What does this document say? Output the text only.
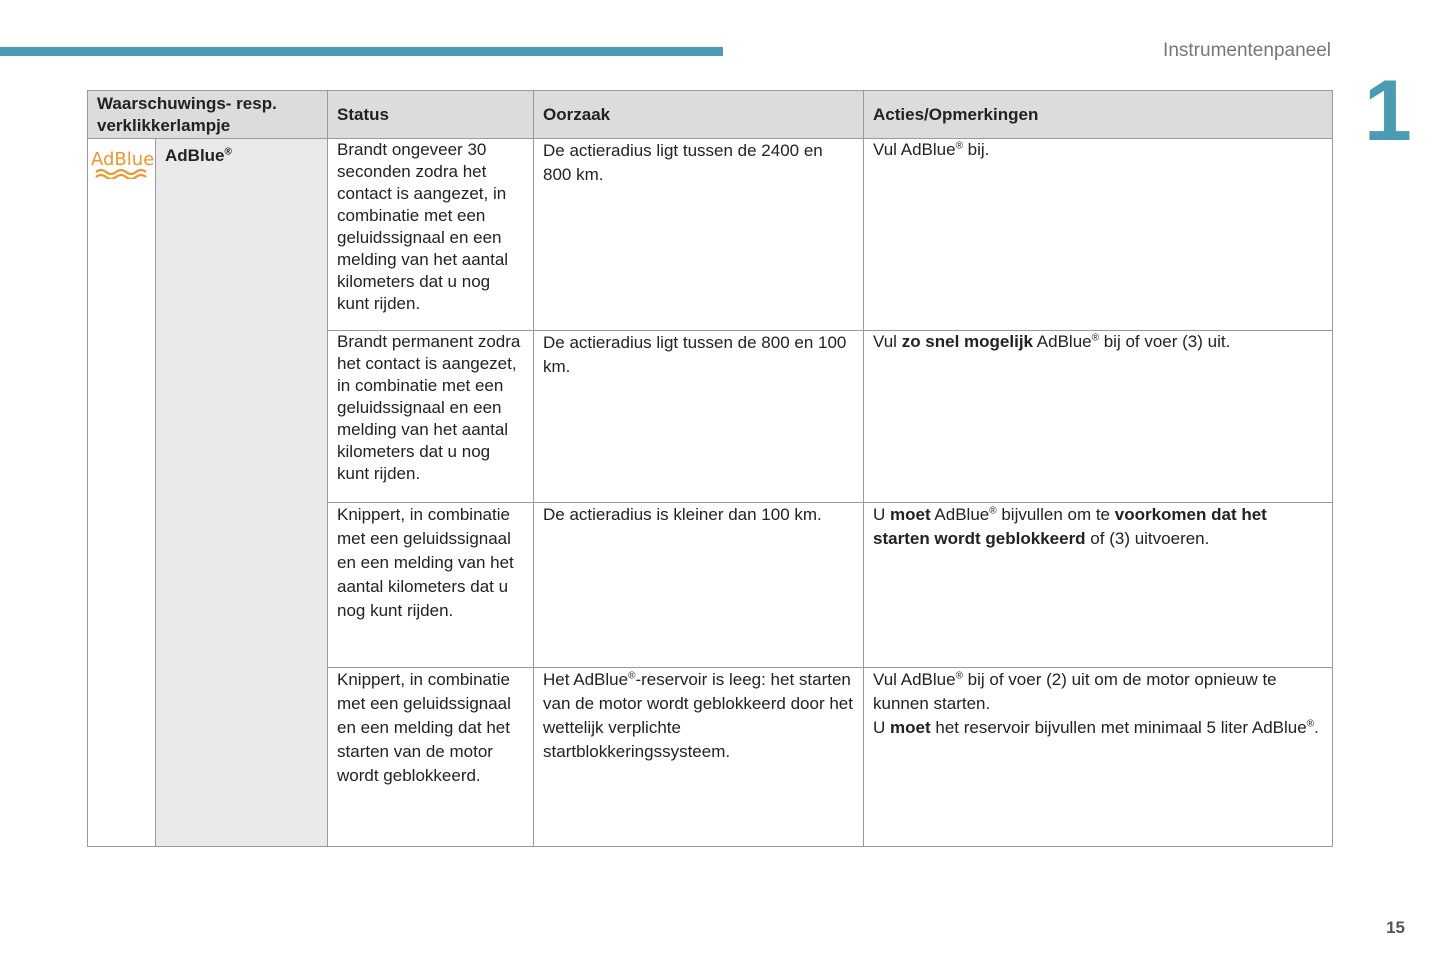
Instrumentenpaneel
1
Waarschuwings- resp. verklikkerlampje		Status	Oorzaak	Acties/Opmerkingen

AdBlue	AdBlue®	Brandt ongeveer 30 seconden zodra het contact is aangezet, in combinatie met een geluidssignaal en een melding van het aantal kilometers dat u nog kunt rijden.	De actieradius ligt tussen de 2400 en 800 km.	Vul AdBlue® bij.
		Brandt permanent zodra het contact is aangezet, in combinatie met een geluidssignaal en een melding van het aantal kilometers dat u nog kunt rijden.	De actieradius ligt tussen de 800 en 100 km.	Vul zo snel mogelijk AdBlue® bij of voer (3) uit.
		Knippert, in combinatie met een geluidssignaal en een melding van het aantal kilometers dat u nog kunt rijden.	De actieradius is kleiner dan 100 km.	U moet AdBlue® bijvullen om te voorkomen dat het starten wordt geblokkeerd of (3) uitvoeren.
		Knippert, in combinatie met een geluidssignaal en een melding dat het starten van de motor wordt geblokkeerd.	Het AdBlue®-reservoir is leeg: het starten van de motor wordt geblokkeerd door het wettelijk verplichte startblokkeringssysteem.	Vul AdBlue® bij of voer (2) uit om de motor opnieuw te kunnen starten.
U moet het reservoir bijvullen met minimaal 5 liter AdBlue®.
15
